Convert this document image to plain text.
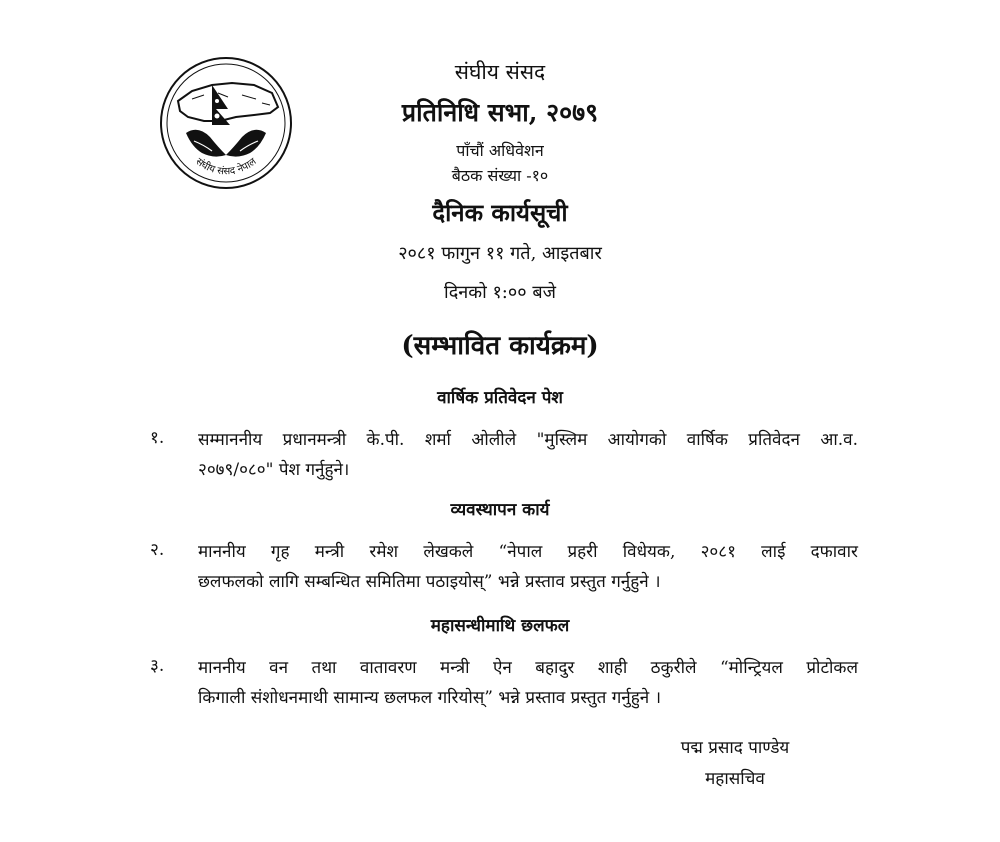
संघीय संसद नेपाल
संघीय संसद
प्रतिनिधि सभा, २०७९
पाँचौं अधिवेशन
बैठक संख्या -१०
दैनिक कार्यसूची
२०८१ फागुन ११ गते, आइतबार
दिनको १:०० बजे
(सम्भावित कार्यक्रम)
वार्षिक प्रतिवेदन पेश
१. सम्माननीय प्रधानमन्त्री के.पी. शर्मा ओलीले "मुस्लिम आयोगको वार्षिक प्रतिवेदन आ.व.
२०७९/०८०" पेश गर्नुहुने।
व्यवस्थापन कार्य
२. माननीय गृह मन्त्री रमेश लेखकले “नेपाल प्रहरी विधेयक, २०८१ लाई दफावार
छलफलको लागि सम्बन्धित समितिमा पठाइयोस्” भन्ने प्रस्ताव प्रस्तुत गर्नुहुने ।
महासन्धीमाथि छलफल
३. माननीय वन तथा वातावरण मन्त्री ऐन बहादुर शाही ठकुरीले “मोन्ट्रियल प्रोटोकल
किगाली संशोधनमाथी सामान्य छलफल गरियोस्” भन्ने प्रस्ताव प्रस्तुत गर्नुहुने ।
पद्म प्रसाद पाण्डेय
महासचिव
